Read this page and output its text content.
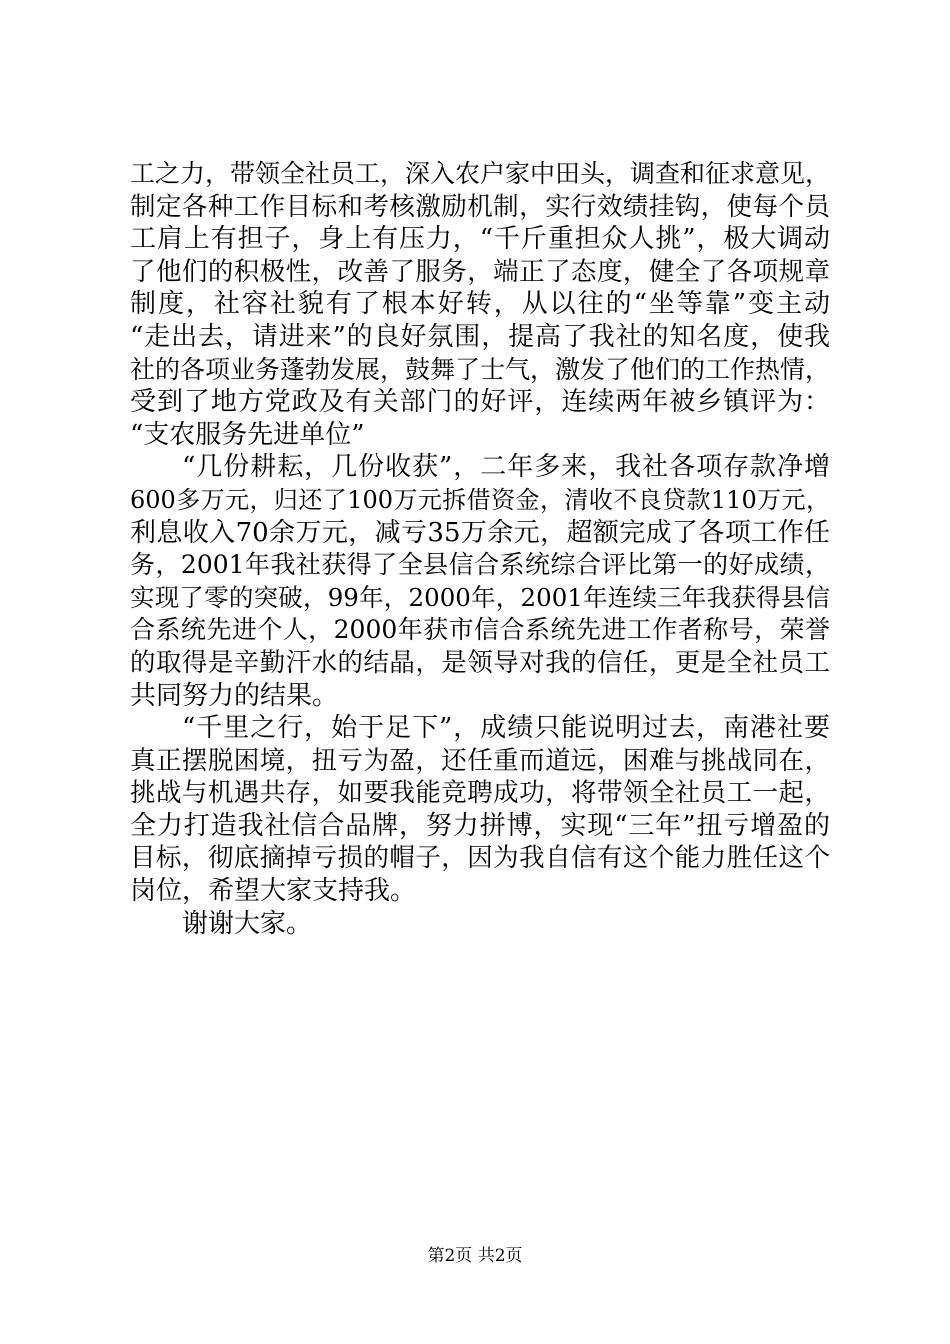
工之力，带领全社员工，深入农户家中田头，调查和征求意见，
制定各种工作目标和考核激励机制，实行效绩挂钩，使每个员
工肩上有担子，身上有压力，“千斤重担众人挑”，极大调动
了他们的积极性，改善了服务，端正了态度，健全了各项规章
制度，社容社貌有了根本好转，从以往的“坐等靠”变主动
“走出去，请进来”的良好氛围，提高了我社的知名度，使我
社的各项业务蓬勃发展，鼓舞了士气，激发了他们的工作热情，
受到了地方党政及有关部门的好评，连续两年被乡镇评为：
“支农服务先进单位”
“几份耕耘，几份收获”，二年多来，我社各项存款净增
600多万元，归还了100万元拆借资金，清收不良贷款110万元，
利息收入70余万元，减亏35万余元，超额完成了各项工作任
务，2001年我社获得了全县信合系统综合评比第一的好成绩，
实现了零的突破，99年，2000年，2001年连续三年我获得县信
合系统先进个人，2000年获市信合系统先进工作者称号，荣誉
的取得是辛勤汗水的结晶，是领导对我的信任，更是全社员工
共同努力的结果。
“千里之行，始于足下”，成绩只能说明过去，南港社要
真正摆脱困境，扭亏为盈，还任重而道远，困难与挑战同在，
挑战与机遇共存，如要我能竞聘成功，将带领全社员工一起，
全力打造我社信合品牌，努力拼博，实现“三年”扭亏增盈的
目标，彻底摘掉亏损的帽子，因为我自信有这个能力胜任这个
岗位，希望大家支持我。
谢谢大家。
第2页 共2页
